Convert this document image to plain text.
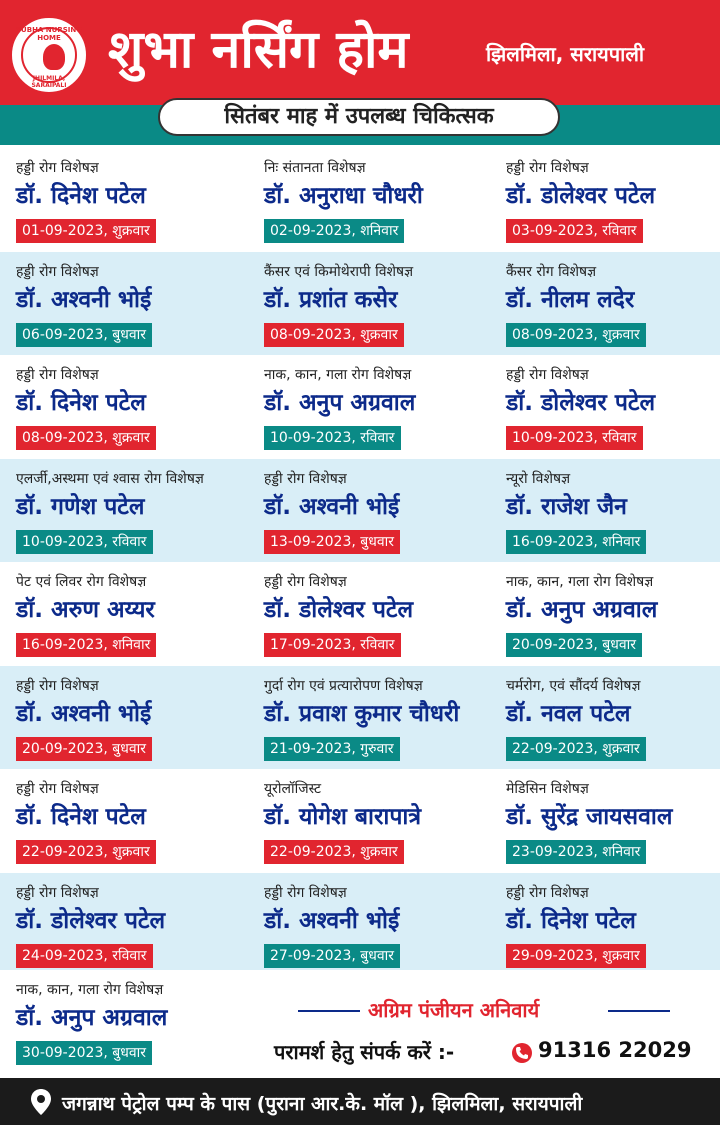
SUBHA NURSING HOME
JHILMILA, SARAIPALI
शुभा नर्सिंग होम	झिलमिला, सरायपाली
सितंबर माह में उपलब्ध चिकित्सक
हड्डी रोग विशेषज्ञ
डॉ. दिनेश पटेल
01-09-2023, शुक्रवार
निः संतानता विशेषज्ञ
डॉ. अनुराधा चौधरी
02-09-2023, शनिवार
हड्डी रोग विशेषज्ञ
डॉ. डोलेश्वर पटेल
03-09-2023, रविवार
हड्डी रोग विशेषज्ञ
डॉ. अश्वनी भोई
06-09-2023, बुधवार
कैंसर एवं किमोथेरापी विशेषज्ञ
डॉ. प्रशांत कसेर
08-09-2023, शुक्रवार
कैंसर रोग विशेषज्ञ
डॉ. नीलम लदेर
08-09-2023, शुक्रवार
हड्डी रोग विशेषज्ञ
डॉ. दिनेश पटेल
08-09-2023, शुक्रवार
नाक, कान, गला रोग विशेषज्ञ
डॉ. अनुप अग्रवाल
10-09-2023, रविवार
हड्डी रोग विशेषज्ञ
डॉ. डोलेश्वर पटेल
10-09-2023, रविवार
एलर्जी,अस्थमा एवं श्वास रोग विशेषज्ञ
डॉ. गणेश पटेल
10-09-2023, रविवार
हड्डी रोग विशेषज्ञ
डॉ. अश्वनी भोई
13-09-2023, बुधवार
न्यूरो विशेषज्ञ
डॉ. राजेश जैन
16-09-2023, शनिवार
पेट एवं लिवर रोग विशेषज्ञ
डॉ. अरुण अय्यर
16-09-2023, शनिवार
हड्डी रोग विशेषज्ञ
डॉ. डोलेश्वर पटेल
17-09-2023, रविवार
नाक, कान, गला रोग विशेषज्ञ
डॉ. अनुप अग्रवाल
20-09-2023, बुधवार
हड्डी रोग विशेषज्ञ
डॉ. अश्वनी भोई
20-09-2023, बुधवार
गुर्दा रोग एवं प्रत्यारोपण विशेषज्ञ
डॉ. प्रवाश कुमार चौधरी
21-09-2023, गुरुवार
चर्मरोग, एवं सौंदर्य विशेषज्ञ
डॉ. नवल पटेल
22-09-2023, शुक्रवार
हड्डी रोग विशेषज्ञ
डॉ. दिनेश पटेल
22-09-2023, शुक्रवार
यूरोलॉजिस्ट
डॉ. योगेश बारापात्रे
22-09-2023, शुक्रवार
मेडिसिन विशेषज्ञ
डॉ. सुरेंद्र जायसवाल
23-09-2023, शनिवार
हड्डी रोग विशेषज्ञ
डॉ. डोलेश्वर पटेल
24-09-2023, रविवार
हड्डी रोग विशेषज्ञ
डॉ. अश्वनी भोई
27-09-2023, बुधवार
हड्डी रोग विशेषज्ञ
डॉ. दिनेश पटेल
29-09-2023, शुक्रवार
नाक, कान, गला रोग विशेषज्ञ
डॉ. अनुप अग्रवाल
30-09-2023, बुधवार
अग्रिम पंजीयन अनिवार्य
परामर्श हेतु संपर्क करें :-	91316 22029
जगन्नाथ पेट्रोल पम्प के पास (पुराना आर.के. मॉल ), झिलमिला, सरायपाली
